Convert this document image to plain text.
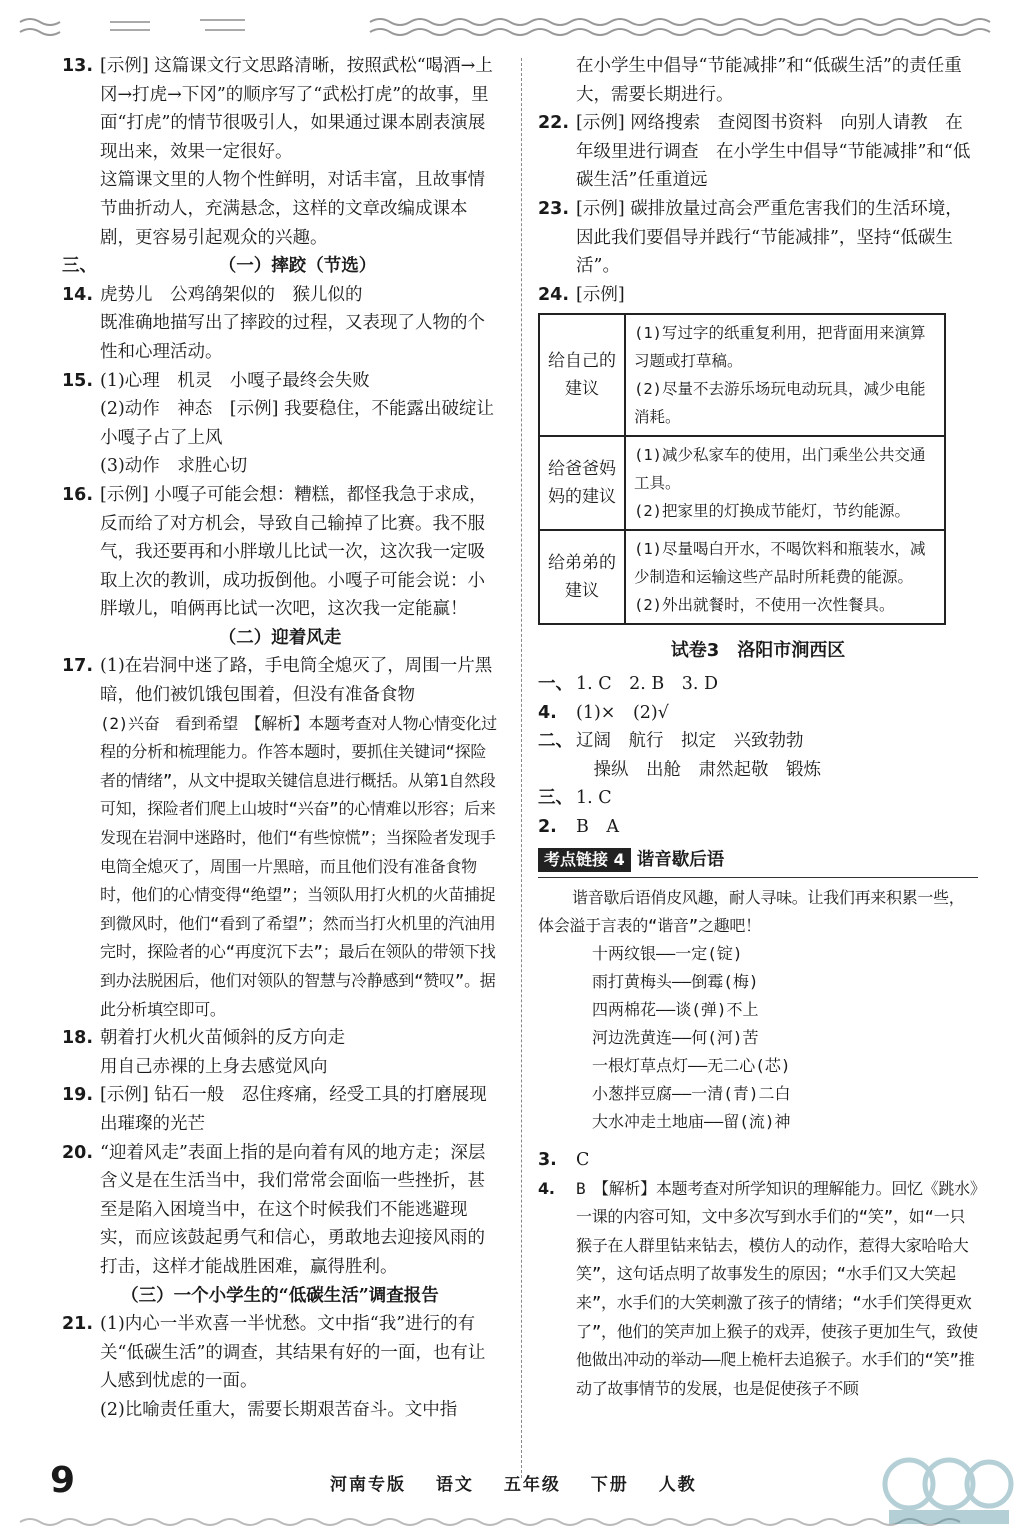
13. [示例] 这篇课文行文思路清晰，按照武松“喝酒→上冈→打虎→下冈”的顺序写了“武松打虎”的故事，里面“打虎”的情节很吸引人，如果通过课本剧表演展现出来，效果一定很好。

这篇课文里的人物个性鲜明，对话丰富，且故事情节曲折动人，充满悬念，这样的文章改编成课本剧，更容易引起观众的兴趣。

三、	（一）摔跤（节选）

14. 虎势儿　公鸡鹐架似的　猴儿似的

既准确地描写出了摔跤的过程，又表现了人物的个性和心理活动。

15. (1)心理　机灵　小嘎子最终会失败

(2)动作　神态　[示例] 我要稳住，不能露出破绽让小嘎子占了上风

(3)动作　求胜心切

16. [示例] 小嘎子可能会想：糟糕，都怪我急于求成，反而给了对方机会，导致自己输掉了比赛。我不服气，我还要再和小胖墩儿比试一次，这次我一定吸取上次的教训，成功扳倒他。小嘎子可能会说：小胖墩儿，咱俩再比试一次吧，这次我一定能赢！

（二）迎着风走

17. (1)在岩洞中迷了路，手电筒全熄灭了，周围一片黑暗，他们被饥饿包围着，但没有准备食物

(2)兴奋　看到希望　【解析】本题考查对人物心情变化过程的分析和梳理能力。作答本题时，要抓住关键词“探险者的情绪”，从文中提取关键信息进行概括。从第1自然段可知，探险者们爬上山坡时“兴奋”的心情难以形容；后来发现在岩洞中迷路时，他们“有些惊慌”；当探险者发现手电筒全熄灭了，周围一片黑暗，而且他们没有准备食物时，他们的心情变得“绝望”；当领队用打火机的火苗捕捉到微风时，他们“看到了希望”；然而当打火机里的汽油用完时，探险者的心“再度沉下去”；最后在领队的带领下找到办法脱困后，他们对领队的智慧与冷静感到“赞叹”。据此分析填空即可。

18. 朝着打火机火苗倾斜的反方向走

用自己赤裸的上身去感觉风向

19. [示例] 钻石一般　忍住疼痛，经受工具的打磨展现出璀璨的光芒

20. “迎着风走”表面上指的是向着有风的地方走；深层含义是在生活当中，我们常常会面临一些挫折，甚至是陷入困境当中，在这个时候我们不能逃避现实，而应该鼓起勇气和信心，勇敢地去迎接风雨的打击，这样才能战胜困难，赢得胜利。

（三）一个小学生的“低碳生活”调查报告

21. (1)内心一半欢喜一半忧愁。文中指“我”进行的有关“低碳生活”的调查，其结果有好的一面，也有让人感到忧虑的一面。

(2)比喻责任重大，需要长期艰苦奋斗。文中指

在小学生中倡导“节能减排”和“低碳生活”的责任重大，需要长期进行。

22. [示例] 网络搜索　查阅图书资料　向别人请教　在年级里进行调查　在小学生中倡导“节能减排”和“低碳生活”任重道远

23. [示例] 碳排放量过高会严重危害我们的生活环境，因此我们要倡导并践行“节能减排”，坚持“低碳生活”。

24. [示例]

给自己的建议	(1)写过字的纸重复利用，把背面用来演算习题或打草稿。
(2)尽量不去游乐场玩电动玩具，减少电能消耗。
给爸爸妈妈的建议	(1)减少私家车的使用，出门乘坐公共交通工具。
(2)把家里的灯换成节能灯，节约能源。
给弟弟的建议	(1)尽量喝白开水，不喝饮料和瓶装水，减少制造和运输这些产品时所耗费的能源。
(2)外出就餐时，不使用一次性餐具。
试卷3　洛阳市涧西区

一、 1. C　2. B　3. D

4. (1)×　(2)√

二、 辽阔　航行　拟定　兴致勃勃

　操纵　出舱　肃然起敬　锻炼

三、 1. C

2. B　A

考点链接 4 谐音歇后语

谐音歇后语俏皮风趣，耐人寻味。让我们再来积累一些，体会溢于言表的“谐音”之趣吧！

十两纹银——一定(锭)
雨打黄梅头——倒霉(梅)
四两棉花——谈(弹)不上
河边洗黄连——何(河)苦
一根灯草点灯——无二心(芯)
小葱拌豆腐——一清(青)二白
大水冲走土地庙——留(流)神

3. C

4. B　【解析】本题考查对所学知识的理解能力。回忆《跳水》一课的内容可知，文中多次写到水手们的“笑”，如“一只猴子在人群里钻来钻去，模仿人的动作，惹得大家哈哈大笑”，这句话点明了故事发生的原因；“水手们又大笑起来”，水手们的大笑刺激了孩子的情绪；“水手们笑得更欢了”，他们的笑声加上猴子的戏弄，使孩子更加生气，致使他做出冲动的举动——爬上桅杆去追猴子。水手们的“笑”推动了故事情节的发展，也是促使孩子不顾

9	河南专版 语文 五年级 下册 人教
